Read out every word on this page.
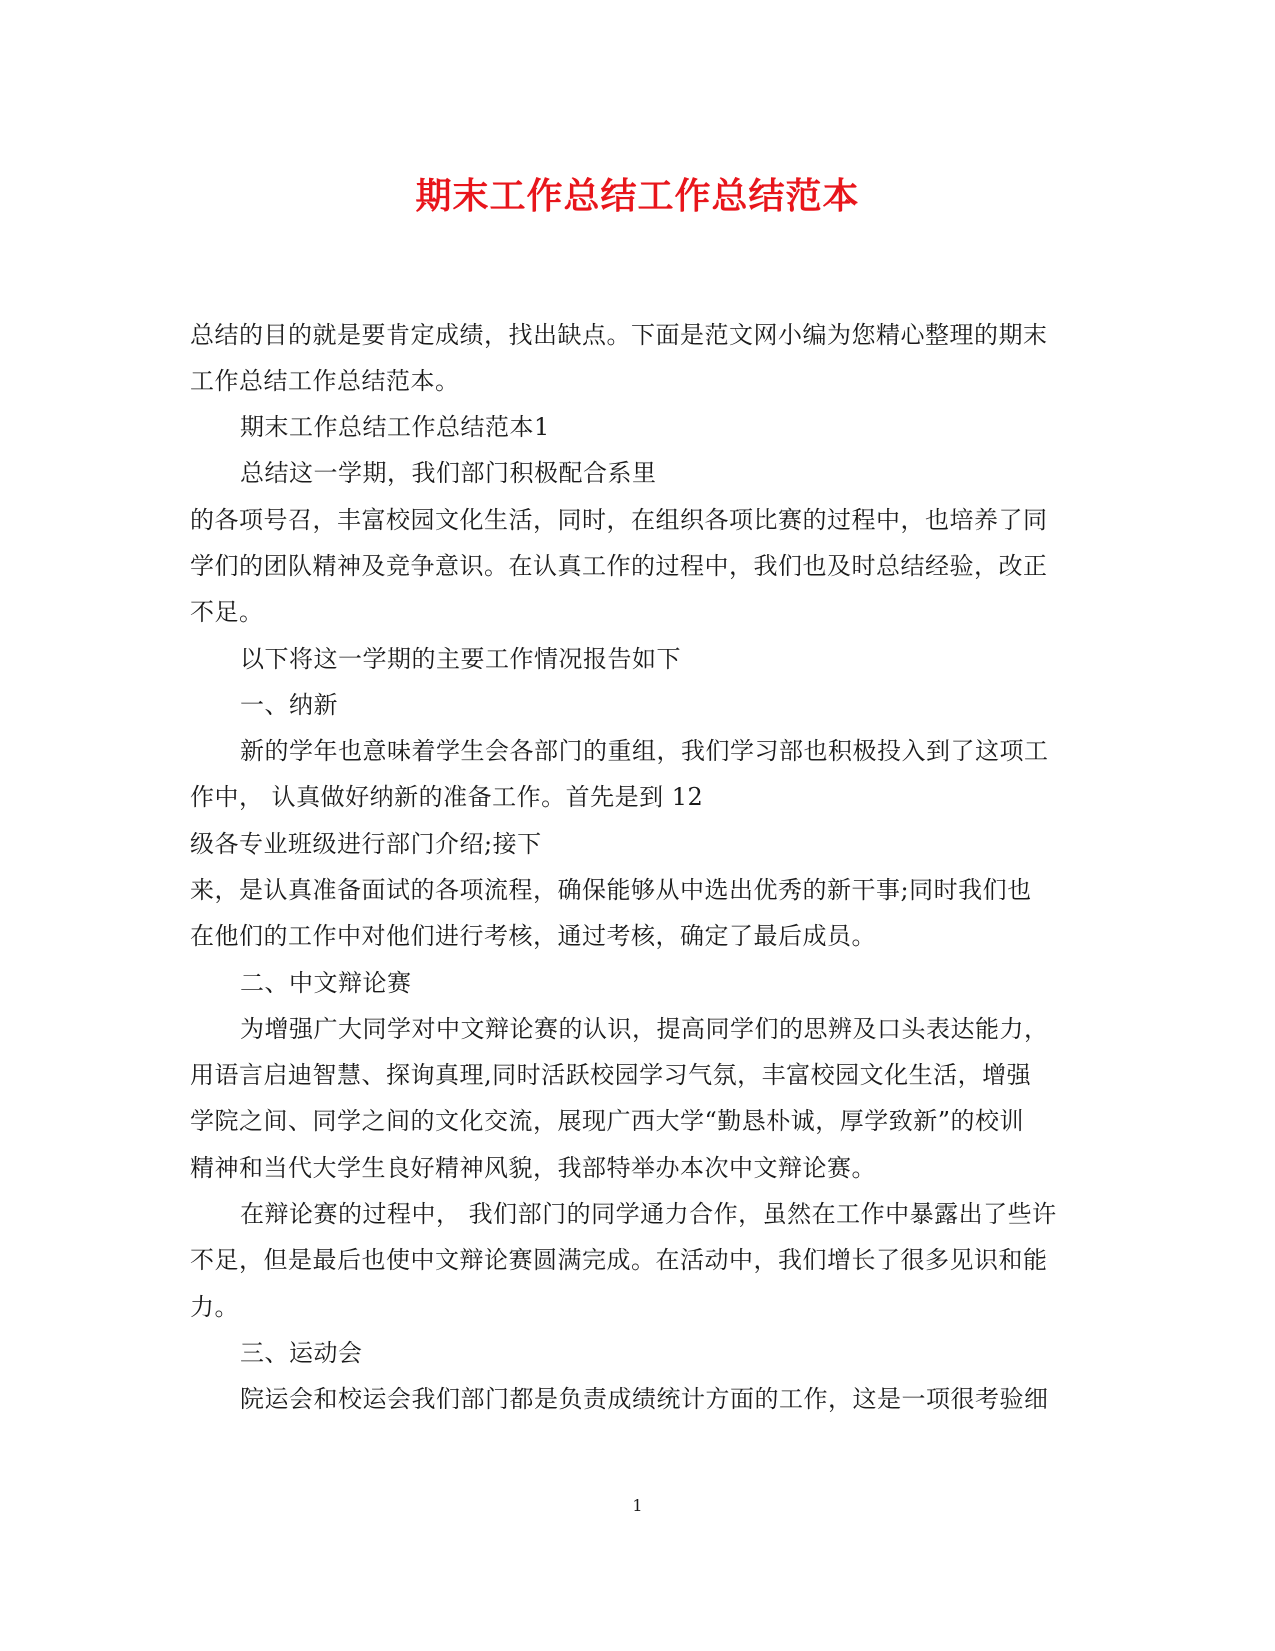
期末工作总结工作总结范本
总结的目的就是要肯定成绩，找出缺点。下面是范文网小编为您精心整理的期末
工作总结工作总结范本。
期末工作总结工作总结范本1
总结这一学期，我们部门积极配合系里
的各项号召，丰富校园文化生活，同时，在组织各项比赛的过程中，也培养了同
学们的团队精神及竞争意识。在认真工作的过程中，我们也及时总结经验，改正
不足。
以下将这一学期的主要工作情况报告如下
一、纳新
新的学年也意味着学生会各部门的重组，我们学习部也积极投入到了这项工
作中， 认真做好纳新的准备工作。首先是到 12
级各专业班级进行部门介绍;接下
来，是认真准备面试的各项流程，确保能够从中选出优秀的新干事;同时我们也
在他们的工作中对他们进行考核，通过考核，确定了最后成员。
二、中文辩论赛
为增强广大同学对中文辩论赛的认识，提高同学们的思辨及口头表达能力，
用语言启迪智慧、探询真理,同时活跃校园学习气氛，丰富校园文化生活，增强
学院之间、同学之间的文化交流，展现广西大学“勤恳朴诚，厚学致新”的校训
精神和当代大学生良好精神风貌，我部特举办本次中文辩论赛。
在辩论赛的过程中， 我们部门的同学通力合作，虽然在工作中暴露出了些许
不足，但是最后也使中文辩论赛圆满完成。在活动中，我们增长了很多见识和能
力。
三、运动会
院运会和校运会我们部门都是负责成绩统计方面的工作，这是一项很考验细
1
